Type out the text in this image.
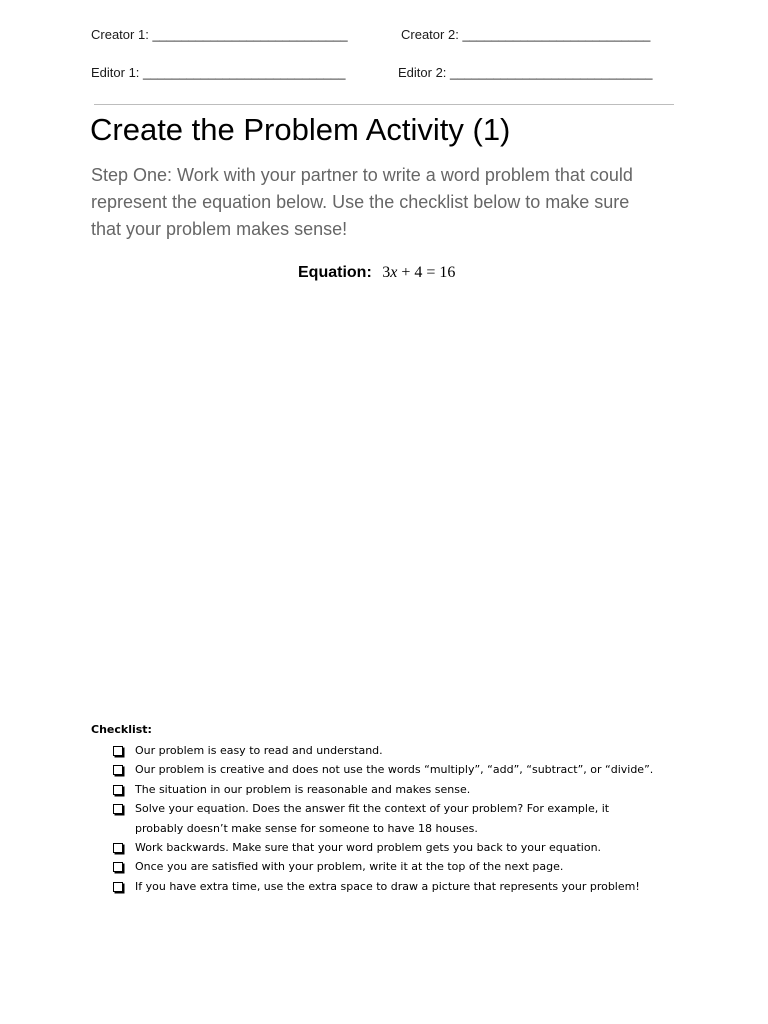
Creator 1: ___________________________	Creator 2: __________________________
Editor 1: ____________________________	Editor 2: ____________________________
Create the Problem Activity (1)

Step One: Work with your partner to write a word problem that could
represent the equation below. Use the checklist below to make sure
that your problem makes sense!

Equation: 3x + 4 = 16
Checklist:
Our problem is easy to read and understand.
Our problem is creative and does not use the words “multiply”, “add”, “subtract”, or “divide”.
The situation in our problem is reasonable and makes sense.
Solve your equation. Does the answer fit the context of your problem? For example, it probably doesn’t make sense for someone to have 18 houses.
Work backwards. Make sure that your word problem gets you back to your equation.
Once you are satisfied with your problem, write it at the top of the next page.
If you have extra time, use the extra space to draw a picture that represents your problem!
